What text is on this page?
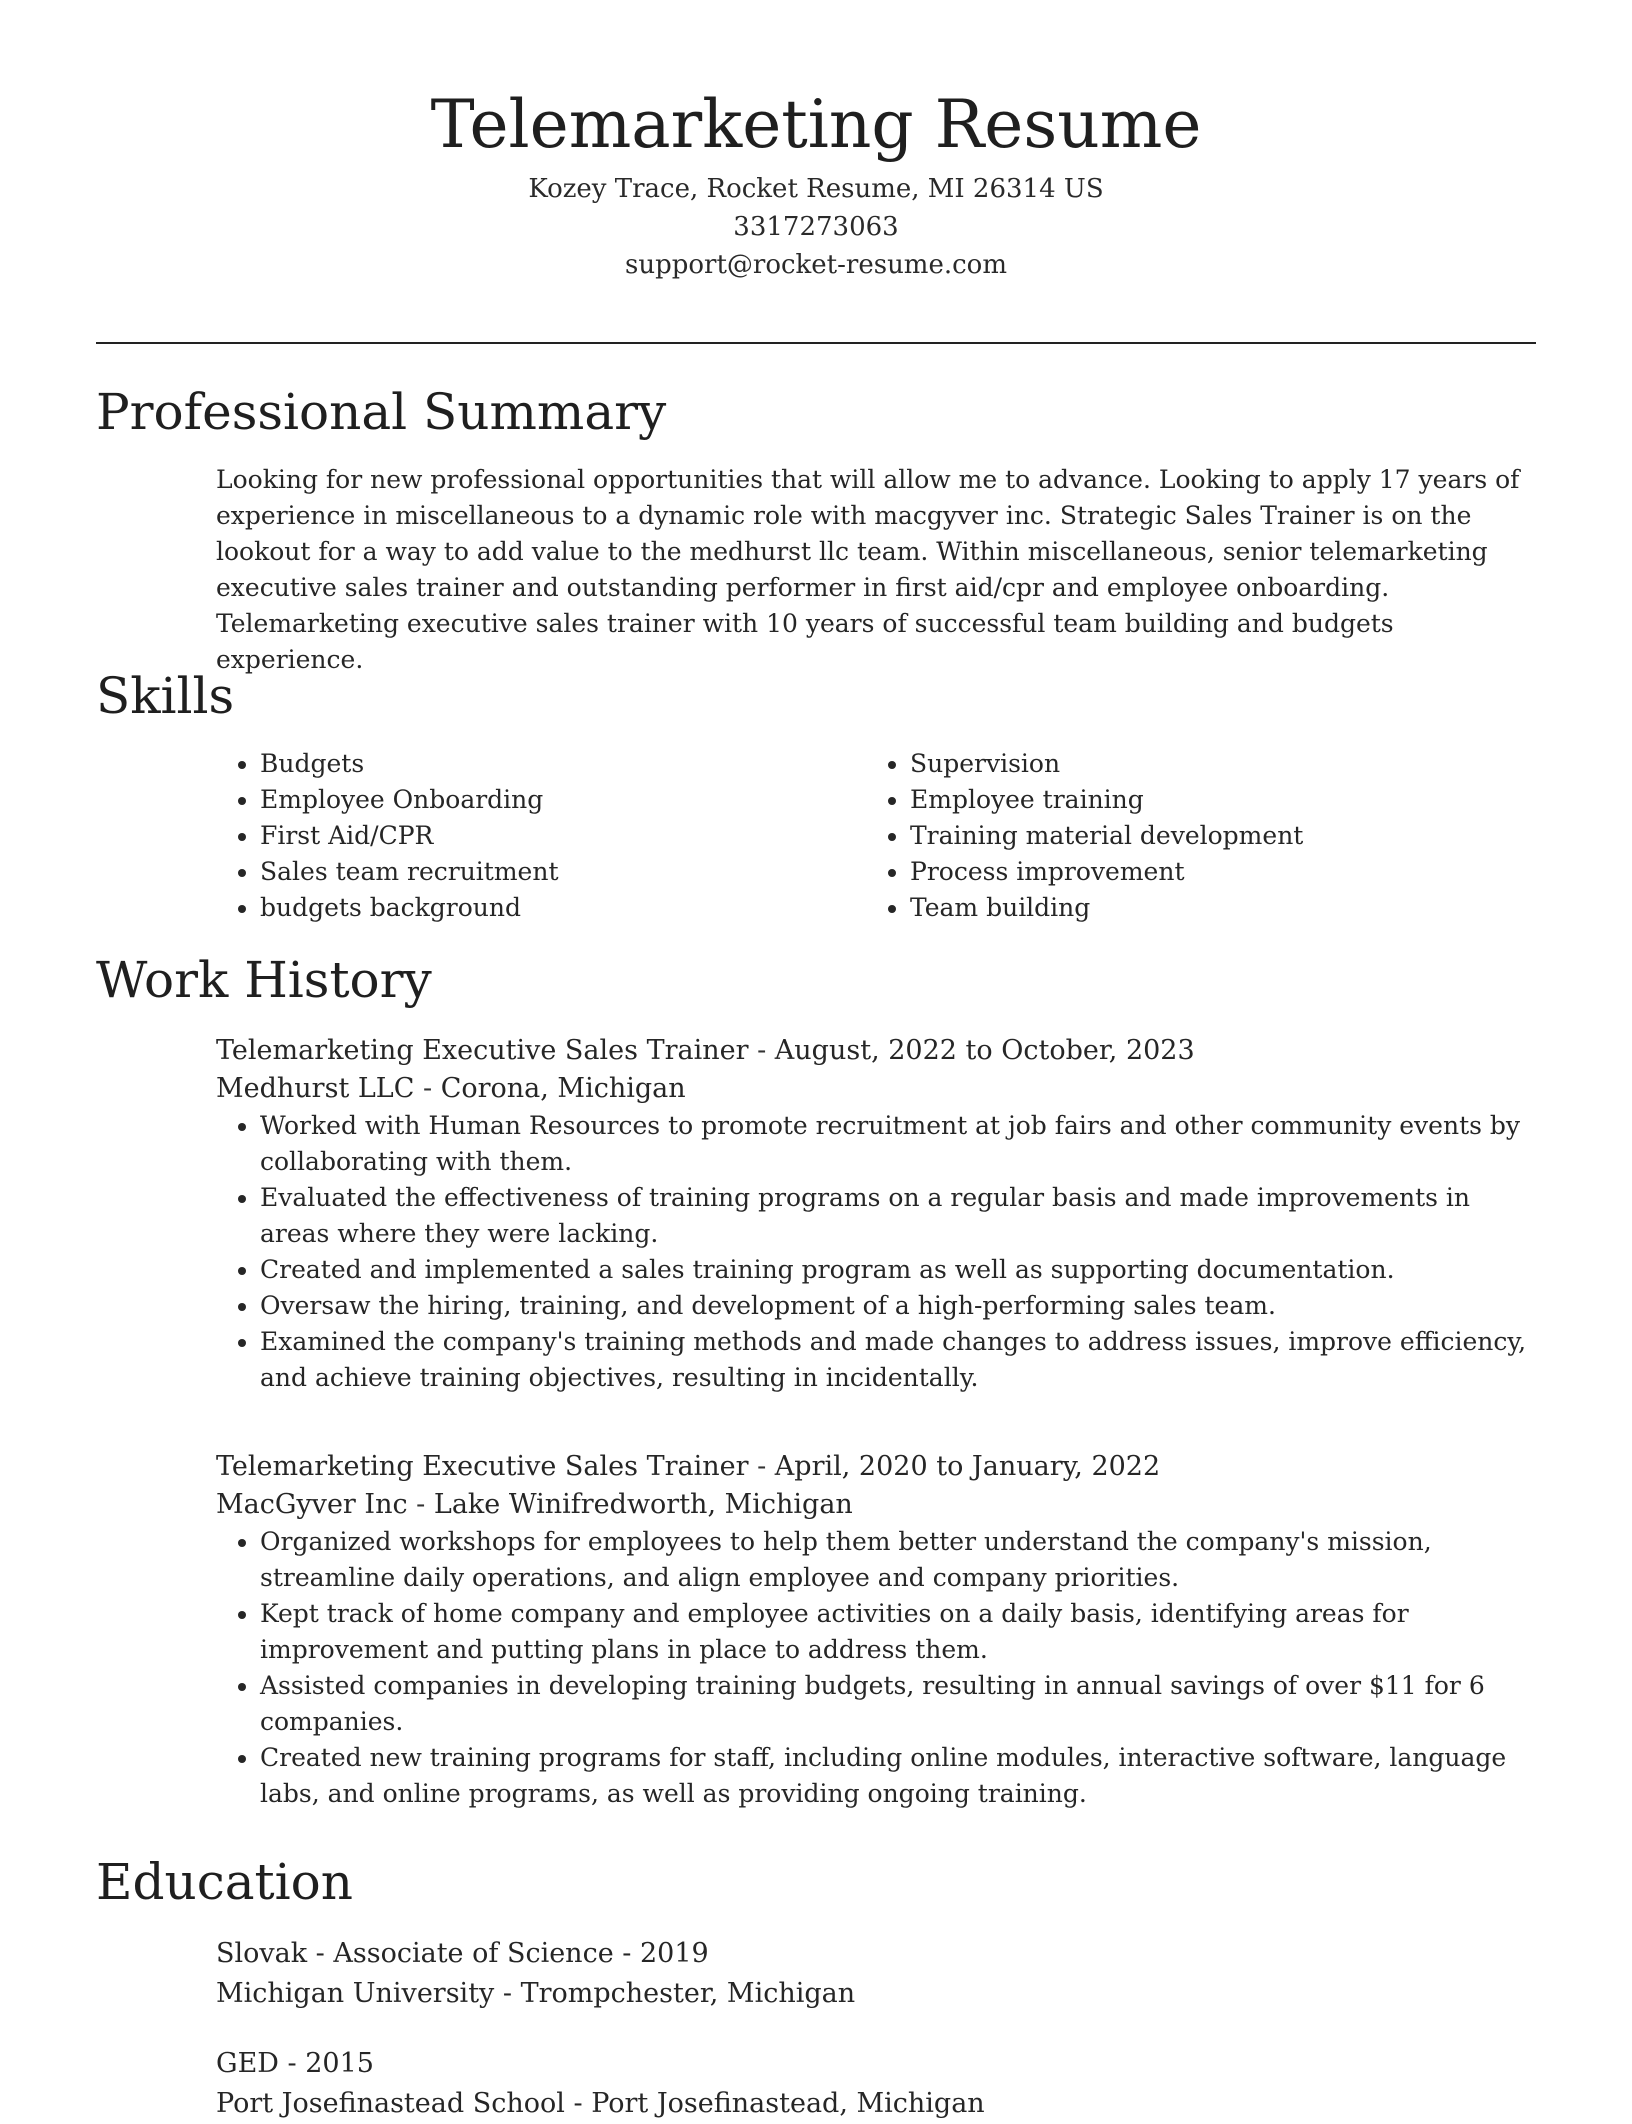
Telemarketing Resume
Kozey Trace, Rocket Resume, MI 26314 US
3317273063
support@rocket-resume.com
Professional Summary

Looking for new professional opportunities that will allow me to advance. Looking to apply 17 years of experience in miscellaneous to a dynamic role with macgyver inc. Strategic Sales Trainer is on the lookout for a way to add value to the medhurst llc team. Within miscellaneous, senior telemarketing executive sales trainer and outstanding performer in first aid/cpr and employee onboarding. Telemarketing executive sales trainer with 10 years of successful team building and budgets experience.

Skills
• Budgets
• Employee Onboarding
• First Aid/CPR
• Sales team recruitment
• budgets background
• Supervision
• Employee training
• Training material development
• Process improvement
• Team building
Work History
Telemarketing Executive Sales Trainer - August, 2022 to October, 2023
Medhurst LLC - Corona, Michigan
• Worked with Human Resources to promote recruitment at job fairs and other community events by collaborating with them.
• Evaluated the effectiveness of training programs on a regular basis and made improvements in areas where they were lacking.
• Created and implemented a sales training program as well as supporting documentation.
• Oversaw the hiring, training, and development of a high-performing sales team.
• Examined the company's training methods and made changes to address issues, improve efficiency, and achieve training objectives, resulting in incidentally.
Telemarketing Executive Sales Trainer - April, 2020 to January, 2022
MacGyver Inc - Lake Winifredworth, Michigan
• Organized workshops for employees to help them better understand the company's mission, streamline daily operations, and align employee and company priorities.
• Kept track of home company and employee activities on a daily basis, identifying areas for improvement and putting plans in place to address them.
• Assisted companies in developing training budgets, resulting in annual savings of over $11 for 6 companies.
• Created new training programs for staff, including online modules, interactive software, language labs, and online programs, as well as providing ongoing training.
Education
Slovak - Associate of Science - 2019
Michigan University - Trompchester, Michigan
GED - 2015
Port Josefinastead School - Port Josefinastead, Michigan
